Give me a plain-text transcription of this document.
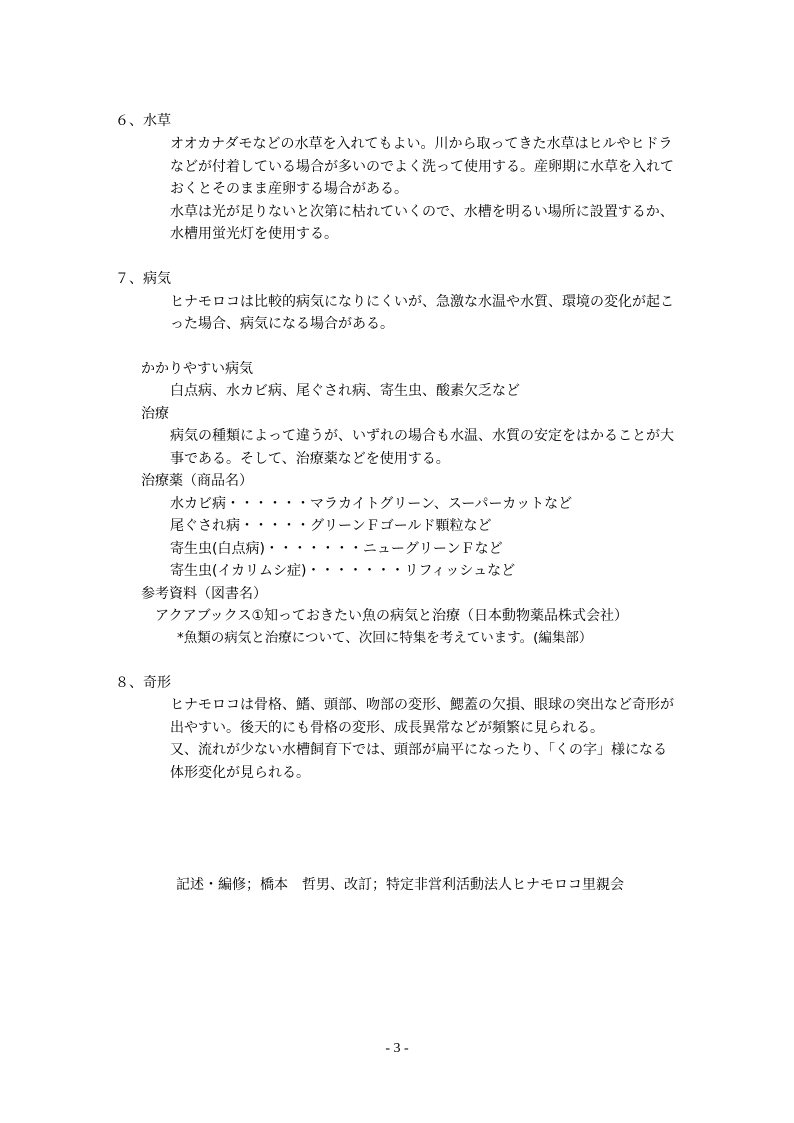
６、水草
オオカナダモなどの水草を入れてもよい。川から取ってきた水草はヒルやヒドラ
などが付着している場合が多いのでよく洗って使用する。産卵期に水草を入れて
おくとそのまま産卵する場合がある。
水草は光が足りないと次第に枯れていくので、水槽を明るい場所に設置するか、
水槽用蛍光灯を使用する。
７、病気
ヒナモロコは比較的病気になりにくいが、急激な水温や水質、環境の変化が起こ
った場合、病気になる場合がある。
かかりやすい病気
白点病、水カビ病、尾ぐされ病、寄生虫、酸素欠乏など
治療
病気の種類によって違うが、いずれの場合も水温、水質の安定をはかることが大
事である。そして、治療薬などを使用する。
治療薬（商品名）
水カビ病・・・・・・マラカイトグリーン、スーパーカットなど
尾ぐされ病・・・・・グリーンＦゴールド顆粒など
寄生虫(白点病)・・・・・・・ニューグリーンＦなど
寄生虫(イカリムシ症)・・・・・・・リフィッシュなど
参考資料（図書名）
アクアブックス①知っておきたい魚の病気と治療（日本動物薬品株式会社）
*魚類の病気と治療について、次回に特集を考えています。(編集部）
８、奇形
ヒナモロコは骨格、鰭、頭部、吻部の変形、鰓蓋の欠損、眼球の突出など奇形が
出やすい。後天的にも骨格の変形、成長異常などが頻繁に見られる。
又、流れが少ない水槽飼育下では、頭部が扁平になったり、「くの字」様になる
体形変化が見られる。
記述・編修；橋本　哲男、改訂；特定非営利活動法人ヒナモロコ里親会
- 3 -
